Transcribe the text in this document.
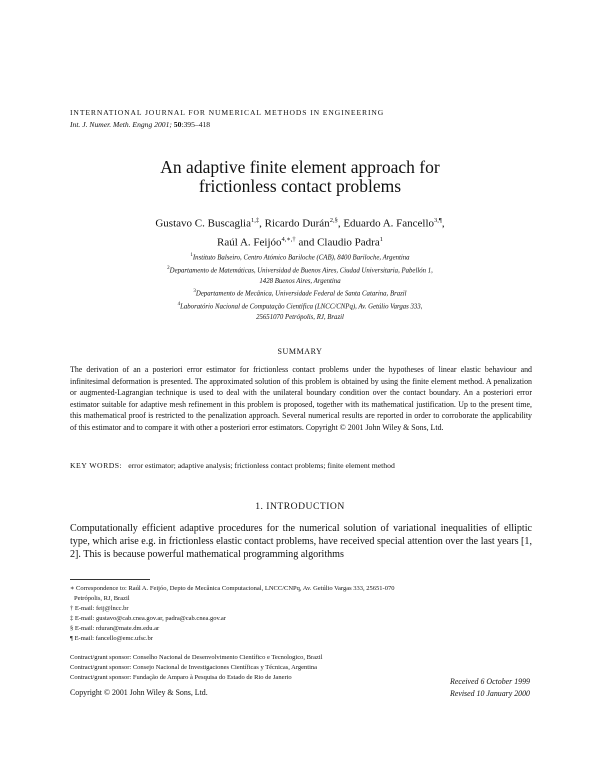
INTERNATIONAL JOURNAL FOR NUMERICAL METHODS IN ENGINEERING
Int. J. Numer. Meth. Engng 2001; 50:395–418
An adaptive finite element approach for
frictionless contact problems
Gustavo C. Buscaglia$^{1,\ddagger}$, Ricardo Durán$^{2,\S}$, Eduardo A. Fancello$^{3,\P}$,
Raúl A. Feijóo$^{4,∗,\dagger}$ and Claudio Padra$^1$
$^1$Instituto Balseiro, Centro Atómico Bariloche (CAB), 8400 Bariloche, Argentina
$^2$Departamento de Matemáticas, Universidad de Buenos Aires, Ciudad Universitaria, Pabellón 1,
1428 Buenos Aires, Argentina
$^3$Departamento de Mecânica, Universidade Federal de Santa Catarina, Brazil
$^4$Laboratório Nacional de Computação Científica (LNCC/CNPq), Av. Getúlio Vargas 333,
25651070 Petrópolis, RJ, Brazil
SUMMARY
The derivation of an a posteriori error estimator for frictionless contact problems under the hypotheses of linear elastic behaviour and infinitesimal deformation is presented. The approximated solution of this problem is obtained by using the finite element method. A penalization or augmented-Lagrangian technique is used to deal with the unilateral boundary condition over the contact boundary. An a posteriori error estimator suitable for adaptive mesh refinement in this problem is proposed, together with its mathematical justification. Up to the present time, this mathematical proof is restricted to the penalization approach. Several numerical results are reported in order to corroborate the applicability of this estimator and to compare it with other a posteriori error estimators. Copyright © 2001 John Wiley & Sons, Ltd.
KEY WORDS: error estimator; adaptive analysis; frictionless contact problems; finite element method
1. INTRODUCTION
Computationally efficient adaptive procedures for the numerical solution of variational inequalities of elliptic type, which arise e.g. in frictionless elastic contact problems, have received special attention over the last years [1, 2]. This is because powerful mathematical programming algorithms
∗ Correspondence to: Raúl A. Feijóo, Depto de Mecânica Computacional, LNCC/CNPq, Av. Getúlio Vargas 333, 25651-070
Petrópolis, RJ, Brazil
† E-mail: feij@lncc.br
‡ E-mail: gustavo@cab.cnea.gov.ar, padra@cab.cnea.gov.ar
§ E-mail: rduran@mate.dm.edu.ar
¶ E-mail: fancello@emc.ufsc.br
Contract/grant sponsor: Conselho Nacional de Desenvolvimento Científico e Tecnologico, Brazil
Contract/grant sponsor: Consejo Nacional de Investigaciones Científicas y Técnicas, Argentina
Contract/grant sponsor: Fundação de Amparo à Pesquisa do Estado de Rio de Janerio	Received 6 October 1999
Revised 10 January 2000
Copyright © 2001 John Wiley & Sons, Ltd.
